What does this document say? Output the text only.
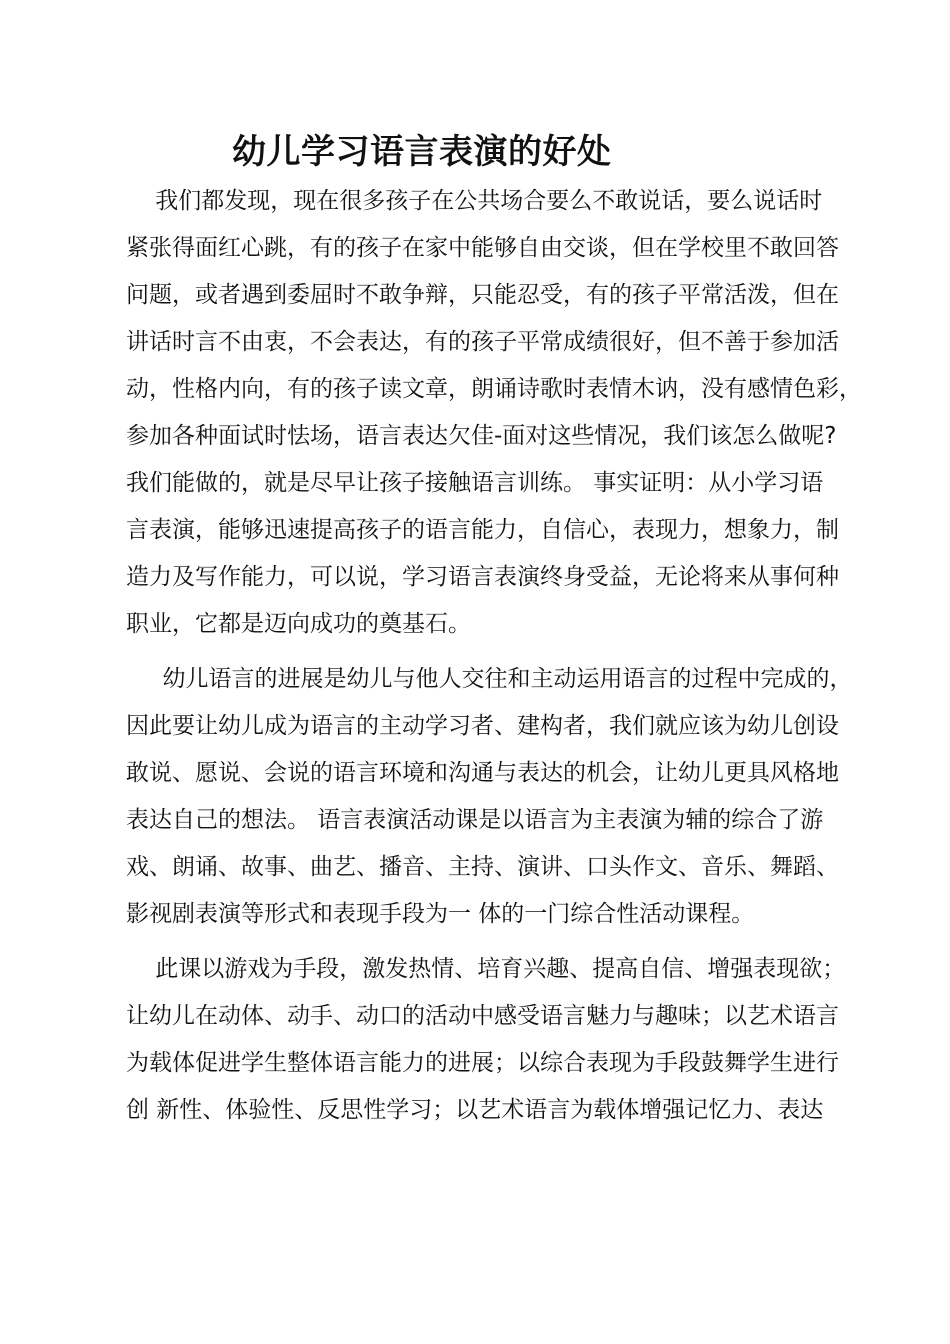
幼儿学习语言表演的好处
我们都发现，现在很多孩子在公共场合要么不敢说话，要么说话时
紧张得面红心跳，有的孩子在家中能够自由交谈，但在学校里不敢回答
问题，或者遇到委屈时不敢争辩，只能忍受，有的孩子平常活泼，但在
讲话时言不由衷，不会表达，有的孩子平常成绩很好，但不善于参加活
动，性格内向，有的孩子读文章，朗诵诗歌时表情木讷，没有感情色彩，
参加各种面试时怯场，语言表达欠佳-面对这些情况，我们该怎么做呢?
我们能做的，就是尽早让孩子接触语言训练。 事实证明：从小学习语
言表演，能够迅速提高孩子的语言能力，自信心，表现力，想象力，制
造力及写作能力，可以说，学习语言表演终身受益，无论将来从事何种
职业，它都是迈向成功的奠基石。
幼儿语言的进展是幼儿与他人交往和主动运用语言的过程中完成的，
因此要让幼儿成为语言的主动学习者、建构者，我们就应该为幼儿创设
敢说、愿说、会说的语言环境和沟通与表达的机会，让幼儿更具风格地
表达自己的想法。 语言表演活动课是以语言为主表演为辅的综合了游
戏、朗诵、故事、曲艺、播音、主持、演讲、口头作文、音乐、舞蹈、
影视剧表演等形式和表现手段为一 体的一门综合性活动课程。
此课以游戏为手段，激发热情、培育兴趣、提高自信、增强表现欲；
让幼儿在动体、动手、动口的活动中感受语言魅力与趣味；以艺术语言
为载体促进学生整体语言能力的进展；以综合表现为手段鼓舞学生进行
创 新性、体验性、反思性学习；以艺术语言为载体增强记忆力、表达
